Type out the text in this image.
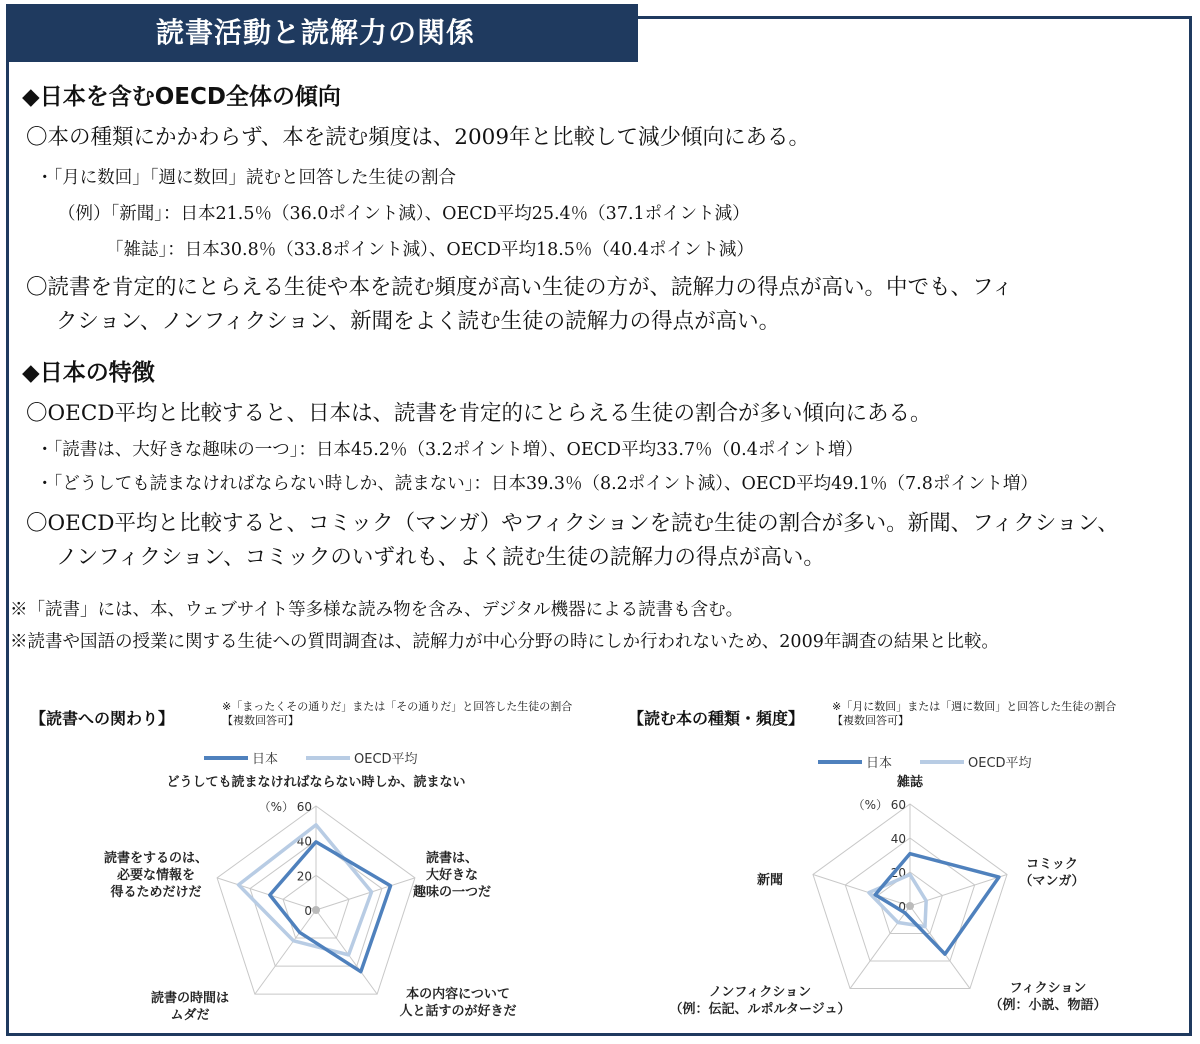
読書活動と読解力の関係
◆日本を含むOECD全体の傾向
〇本の種類にかかわらず、本を読む頻度は、2009年と比較して減少傾向にある。
・「月に数回」「週に数回」読むと回答した生徒の割合
（例）「新聞」：日本21.5％（36.0ポイント減）、OECD平均25.4％（37.1ポイント減）
「雑誌」：日本30.8％（33.8ポイント減）、OECD平均18.5％（40.4ポイント減）
〇読書を肯定的にとらえる生徒や本を読む頻度が高い生徒の方が、読解力の得点が高い。中でも、フィ
クション、ノンフィクション、新聞をよく読む生徒の読解力の得点が高い。
◆日本の特徴
〇OECD平均と比較すると、日本は、読書を肯定的にとらえる生徒の割合が多い傾向にある。
・「読書は、大好きな趣味の一つ」：日本45.2％（3.2ポイント増）、OECD平均33.7％（0.4ポイント増）
・「どうしても読まなければならない時しか、読まない」：日本39.3％（8.2ポイント減）、OECD平均49.1％（7.8ポイント増）
〇OECD平均と比較すると、コミック（マンガ）やフィクションを読む生徒の割合が多い。新聞、フィクション、
ノンフィクション、コミックのいずれも、よく読む生徒の読解力の得点が高い。
※「読書」には、本、ウェブサイト等多様な読み物を含み、デジタル機器による読書も含む。
※読書や国語の授業に関する生徒への質問調査は、読解力が中心分野の時にしか行われないため、2009年調査の結果と比較。
【読書への関わり】
※「まったくその通りだ」または「その通りだ」と回答した生徒の割合
【複数回答可】	【読む本の種類・頻度】
※「月に数回」または「週に数回」と回答した生徒の割合
【複数回答可】
日本	OECD平均
0
20
40
60
（%）
どうしても読まなければならない時しか、読まない
読書は、
大好きな
趣味の一つだ
本の内容について
人と話すのが好きだ
読書の時間は
ムダだ
読書をするのは、
必要な情報を
得るためだけだ
日本	OECD平均
0
20
40
60
（%）
雑誌
コミック
（マンガ）
フィクション
（例：小説、物語）
ノンフィクション
（例：伝記、ルポルタージュ）
新聞
